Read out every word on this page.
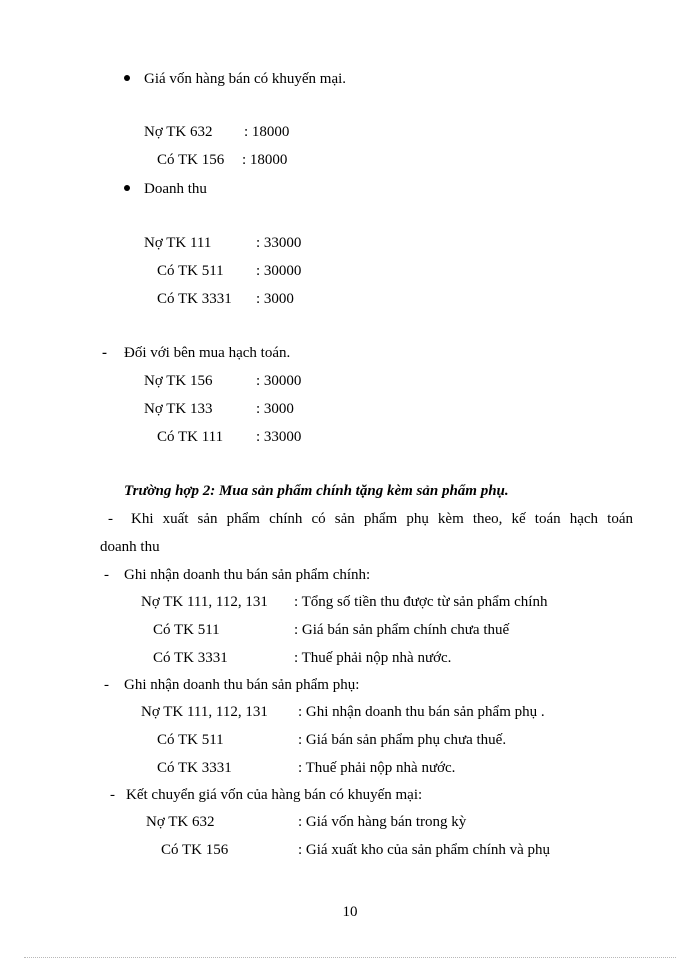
Giá vốn hàng bán có khuyến mại.
Nợ TK 632 : 18000
Có TK 156 : 18000
Doanh thu
Nợ TK 111	: 33000
Có TK 511 : 30000
Có TK 3331 : 3000
- Đối với bên mua hạch toán.
Nợ TK 156	: 30000
Nợ TK 133	: 3000
Có TK 111 : 33000
Trường hợp 2: Mua sản phẩm chính tặng kèm sản phẩm phụ.
- Khi xuất sản phẩm chính có sản phẩm phụ kèm theo, kế toán hạch toán
doanh thu
- Ghi nhận doanh thu bán sản phẩm chính:
Nợ TK 111, 112, 131 : Tổng số tiền thu được từ sản phẩm chính
Có TK 511	: Giá bán sản phẩm chính chưa thuế
Có TK 3331	: Thuế phải nộp nhà nước.
- Ghi nhận doanh thu bán sản phẩm phụ:
Nợ TK 111, 112, 131 : Ghi nhận doanh thu bán sản phẩm phụ .
Có TK 511	: Giá bán sản phẩm phụ chưa thuế.
Có TK 3331	: Thuế phải nộp nhà nước.
- Kết chuyển giá vốn của hàng bán có khuyến mại:
Nợ TK 632	: Giá vốn hàng bán trong kỳ
Có TK 156	: Giá xuất kho của sản phẩm chính và phụ
10
